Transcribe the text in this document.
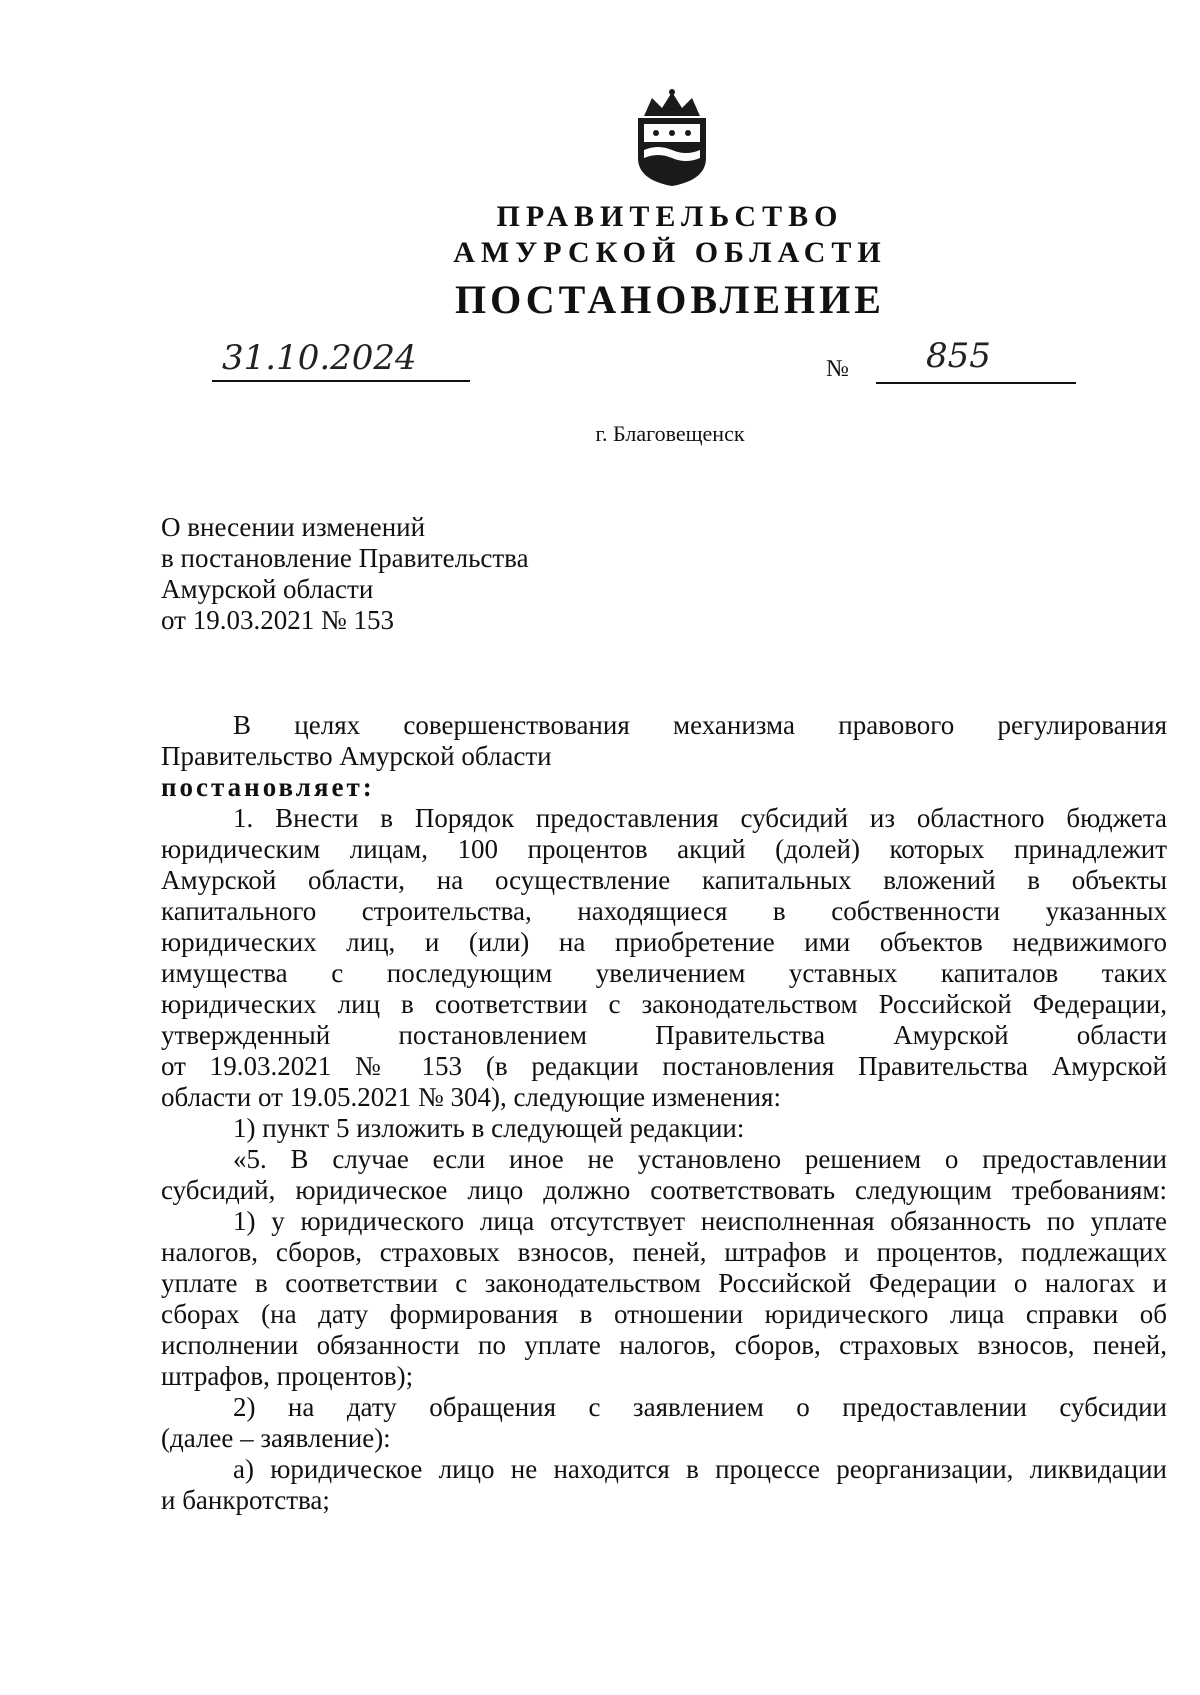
ПРАВИТЕЛЬСТВО
АМУРСКОЙ ОБЛАСТИ
ПОСТАНОВЛЕНИЕ
31.10.2024	№ 855
г. Благовещенск
О внесении изменений
в постановление Правительства
Амурской области
от 19.03.2021 № 153
В целях совершенствования механизма правового регулирования
Правительство Амурской области
постановляет:
1. Внести в Порядок предоставления субсидий из областного бюджета
юридическим лицам, 100 процентов акций (долей) которых принадлежит
Амурской области, на осуществление капитальных вложений в объекты
капитального строительства, находящиеся в собственности указанных
юридических лиц, и (или) на приобретение ими объектов недвижимого
имущества с последующим увеличением уставных капиталов таких
юридических лиц в соответствии с законодательством Российской Федерации,
утвержденный постановлением Правительства Амурской области
от 19.03.2021 № 153 (в редакции постановления Правительства Амурской
области от 19.05.2021 № 304), следующие изменения:
1) пункт 5 изложить в следующей редакции:
«5. В случае если иное не установлено решением о предоставлении
субсидий, юридическое лицо должно соответствовать следующим требованиям:
1) у юридического лица отсутствует неисполненная обязанность по уплате
налогов, сборов, страховых взносов, пеней, штрафов и процентов, подлежащих
уплате в соответствии с законодательством Российской Федерации о налогах и
сборах (на дату формирования в отношении юридического лица справки об
исполнении обязанности по уплате налогов, сборов, страховых взносов, пеней,
штрафов, процентов);
2) на дату обращения с заявлением о предоставлении субсидии
(далее – заявление):
а) юридическое лицо не находится в процессе реорганизации, ликвидации
и банкротства;
